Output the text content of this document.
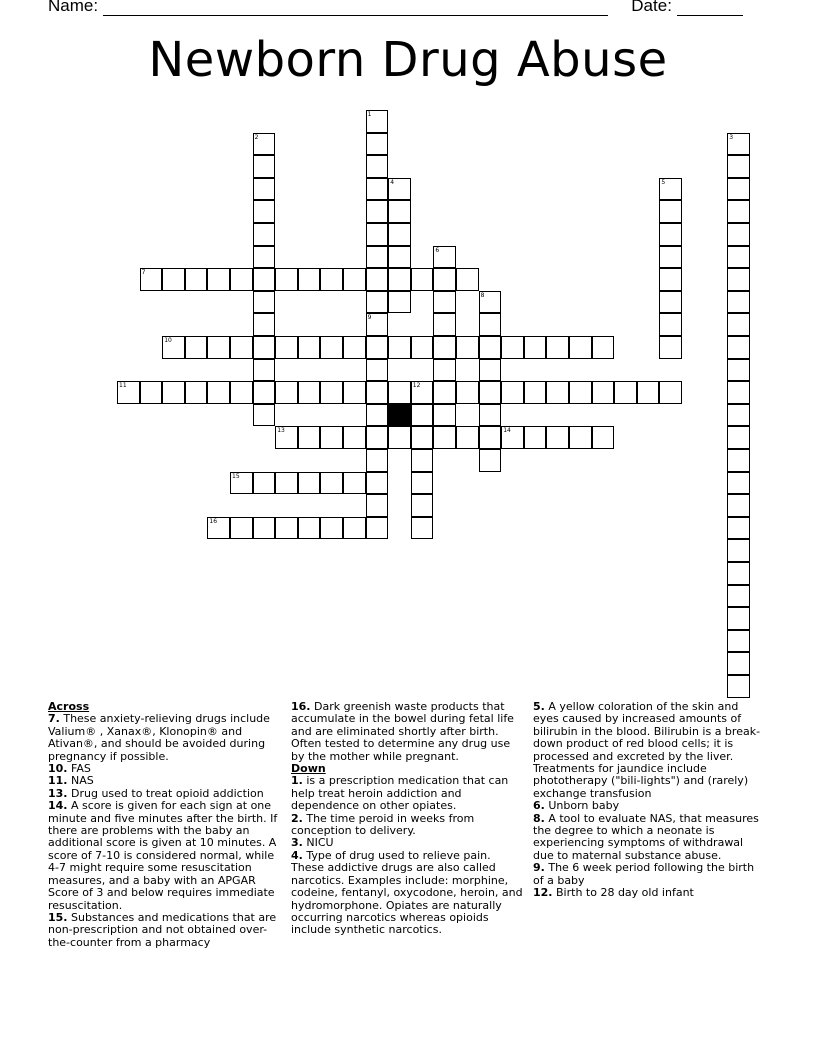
Name:	Date:
Newborn Drug Abuse
1
2	3
4	5
6
7
8
9
10
11	12
13	14
15
16

Across

7. These anxiety-relieving drugs include Valium® , Xanax®, Klonopin® and Ativan®, and should be avoided during pregnancy if possible.

10. FAS

11. NAS

13. Drug used to treat opioid addiction

14. A score is given for each sign at one minute and five minutes after the birth. If there are problems with the baby an additional score is given at 10 minutes. A score of 7-10 is considered normal, while 4-7 might require some resuscitation measures, and a baby with an APGAR Score of 3 and below requires immediate resuscitation.

15. Substances and medications that are non-prescription and not obtained over-the-counter from a pharmacy

16. Dark greenish waste products that accumulate in the bowel during fetal life and are eliminated shortly after birth. Often tested to determine any drug use by the mother while pregnant.

Down

1. is a prescription medication that can help treat heroin addiction and dependence on other opiates.

2. The time peroid in weeks from conception to delivery.

3. NICU

4. Type of drug used to relieve pain. These addictive drugs are also called narcotics. Examples include: morphine, codeine, fentanyl, oxycodone, heroin, and hydromorphone. Opiates are naturally occurring narcotics whereas opioids include synthetic narcotics.

5. A yellow coloration of the skin and eyes caused by increased amounts of bilirubin in the blood. Bilirubin is a break-down product of red blood cells; it is processed and excreted by the liver. Treatments for jaundice include phototherapy ("bili-lights") and (rarely) exchange transfusion

6. Unborn baby

8. A tool to evaluate NAS, that measures the degree to which a neonate is experiencing symptoms of withdrawal due to maternal substance abuse.

9. The 6 week period following the birth of a baby

12. Birth to 28 day old infant
